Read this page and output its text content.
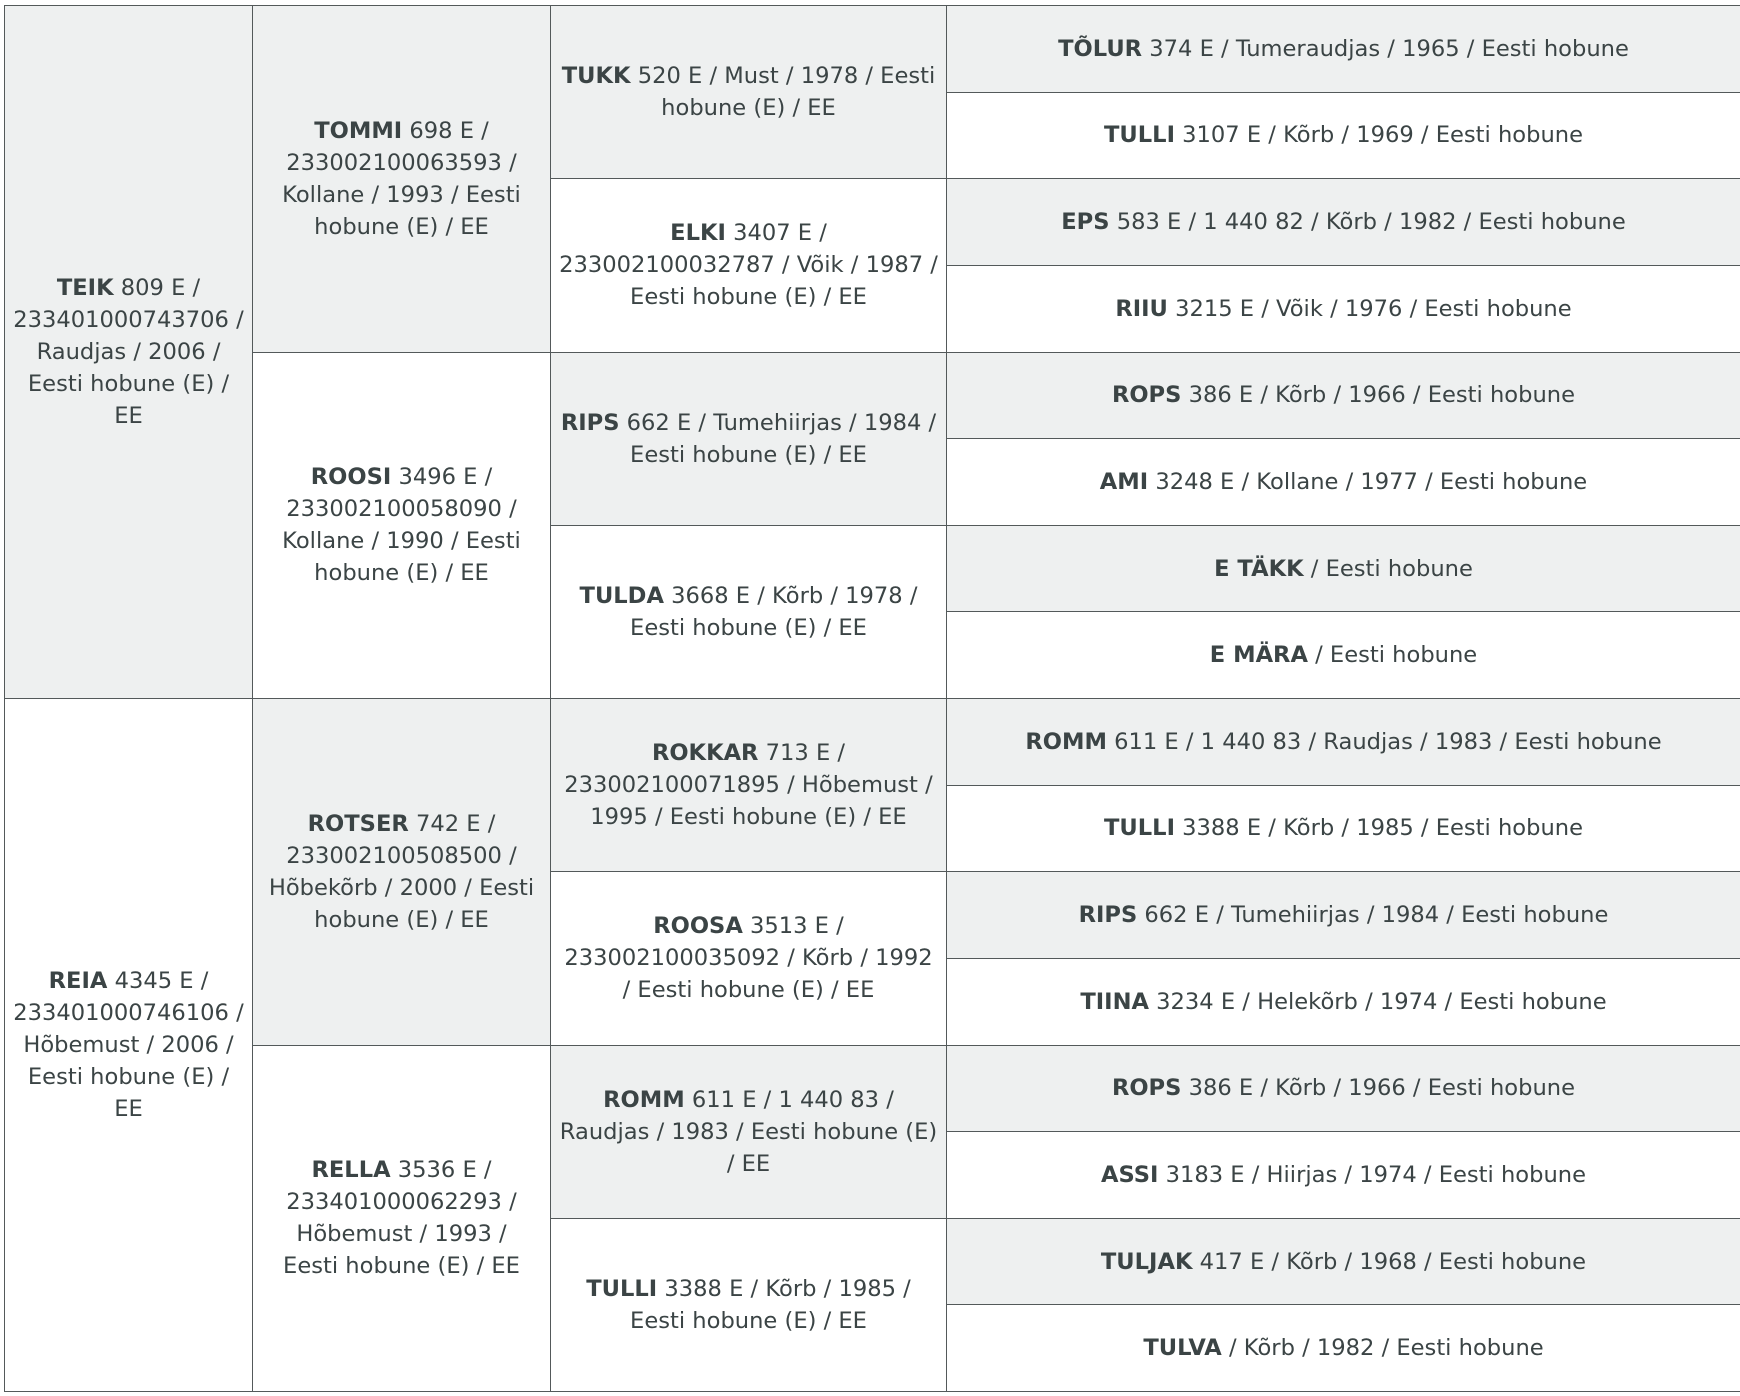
TEIK 809 E / 233401000743706 / Raudjas / 2006 / Eesti hobune (E) / EE	TOMMI 698 E / 233002100063593 / Kollane / 1993 / Eesti hobune (E) / EE	TUKK 520 E / Must / 1978 / Eesti hobune (E) / EE	TÕLUR 374 E / Tumeraudjas / 1965 / Eesti hobune
			TULLI 3107 E / Kõrb / 1969 / Eesti hobune
		ELKI 3407 E / 233002100032787 / Võik / 1987 / Eesti hobune (E) / EE	EPS 583 E / 1 440 82 / Kõrb / 1982 / Eesti hobune
			RIIU 3215 E / Võik / 1976 / Eesti hobune
	ROOSI 3496 E / 233002100058090 / Kollane / 1990 / Eesti hobune (E) / EE	RIPS 662 E / Tumehiirjas / 1984 / Eesti hobune (E) / EE	ROPS 386 E / Kõrb / 1966 / Eesti hobune
			AMI 3248 E / Kollane / 1977 / Eesti hobune
		TULDA 3668 E / Kõrb / 1978 / Eesti hobune (E) / EE	E TÄKK / Eesti hobune
			E MÄRA / Eesti hobune
REIA 4345 E / 233401000746106 / Hõbemust / 2006 / Eesti hobune (E) / EE	ROTSER 742 E / 233002100508500 / Hõbekõrb / 2000 / Eesti hobune (E) / EE	ROKKAR 713 E / 233002100071895 / Hõbemust / 1995 / Eesti hobune (E) / EE	ROMM 611 E / 1 440 83 / Raudjas / 1983 / Eesti hobune
			TULLI 3388 E / Kõrb / 1985 / Eesti hobune
		ROOSA 3513 E / 233002100035092 / Kõrb / 1992 / Eesti hobune (E) / EE	RIPS 662 E / Tumehiirjas / 1984 / Eesti hobune
			TIINA 3234 E / Helekõrb / 1974 / Eesti hobune
	RELLA 3536 E / 233401000062293 / Hõbemust / 1993 / Eesti hobune (E) / EE	ROMM 611 E / 1 440 83 / Raudjas / 1983 / Eesti hobune (E) / EE	ROPS 386 E / Kõrb / 1966 / Eesti hobune
			ASSI 3183 E / Hiirjas / 1974 / Eesti hobune
		TULLI 3388 E / Kõrb / 1985 / Eesti hobune (E) / EE	TULJAK 417 E / Kõrb / 1968 / Eesti hobune
			TULVA / Kõrb / 1982 / Eesti hobune
